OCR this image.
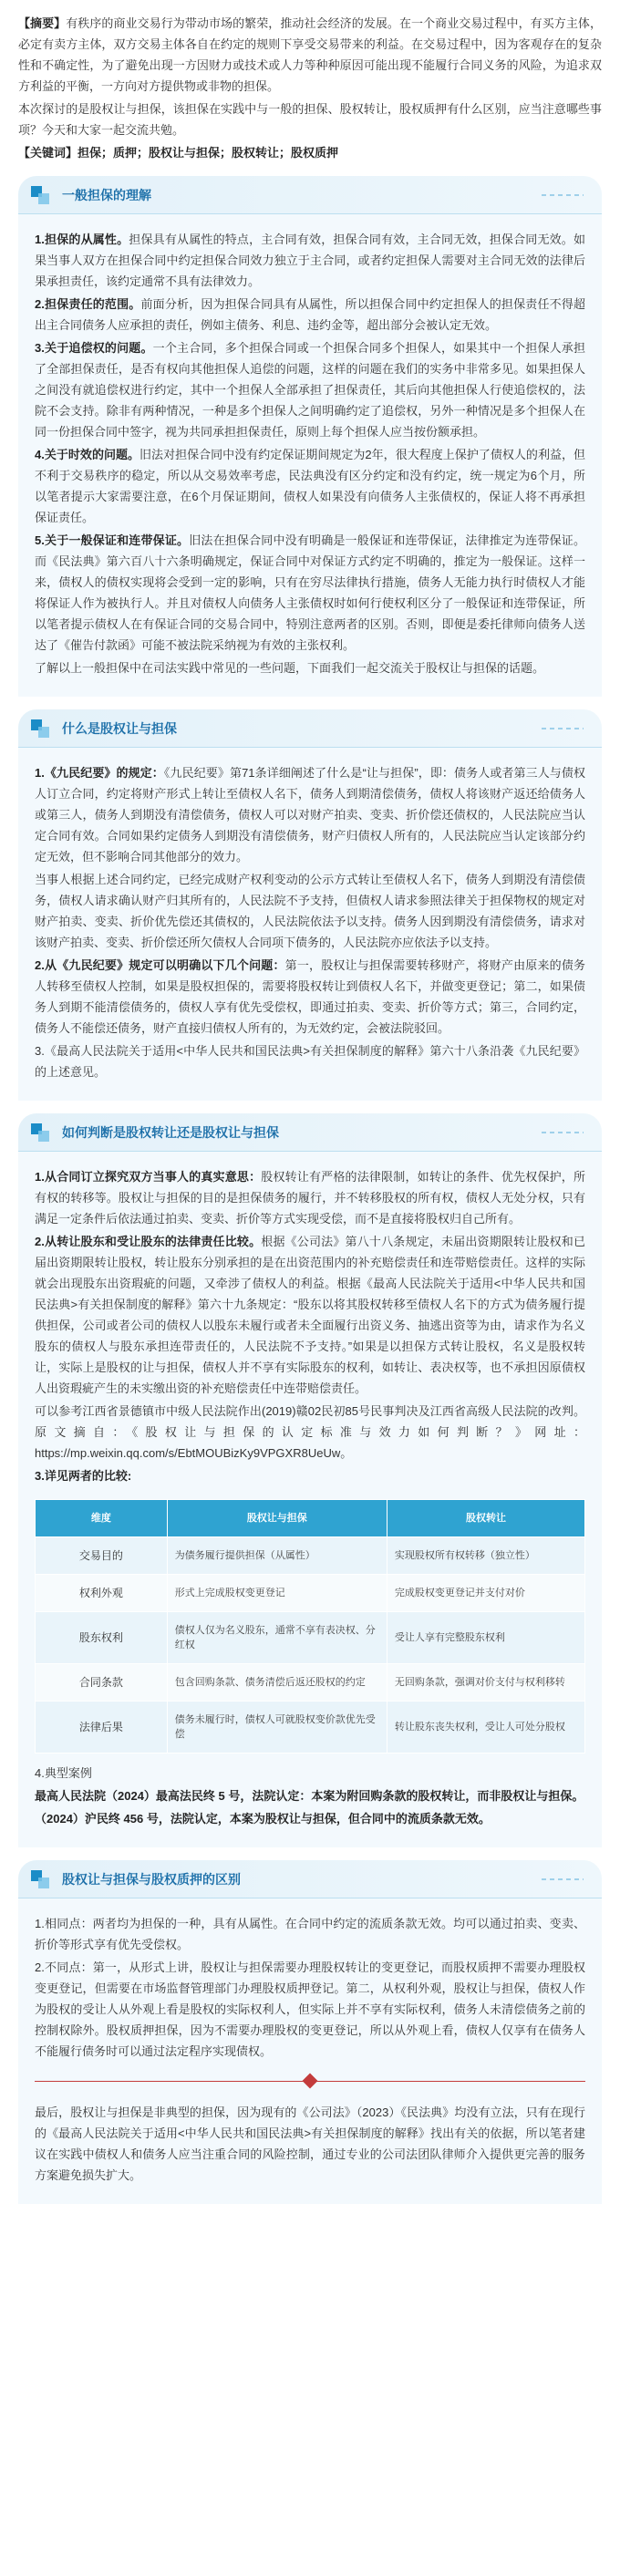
【摘要】有秩序的商业交易行为带动市场的繁荣，推动社会经济的发展。在一个商业交易过程中，有买方主体，必定有卖方主体，双方交易主体各自在约定的规则下享受交易带来的利益。在交易过程中，因为客观存在的复杂性和不确定性，为了避免出现一方因财力或技术或人力等种种原因可能出现不能履行合同义务的风险，为追求双方利益的平衡，一方向对方提供物或非物的担保。

本次探讨的是股权让与担保，该担保在实践中与一般的担保、股权转让，股权质押有什么区别，应当注意哪些事项？今天和大家一起交流共勉。

【关键词】担保；质押；股权让与担保；股权转让；股权质押

一般担保的理解

1.担保的从属性。担保具有从属性的特点，主合同有效，担保合同有效，主合同无效，担保合同无效。如果当事人双方在担保合同中约定担保合同效力独立于主合同，或者约定担保人需要对主合同无效的法律后果承担责任，该约定通常不具有法律效力。

2.担保责任的范围。前面分析，因为担保合同具有从属性，所以担保合同中约定担保人的担保责任不得超出主合同债务人应承担的责任，例如主债务、利息、违约金等，超出部分会被认定无效。

3.关于追偿权的问题。一个主合同，多个担保合同或一个担保合同多个担保人，如果其中一个担保人承担了全部担保责任，是否有权向其他担保人追偿的问题，这样的问题在我们的实务中非常多见。如果担保人之间没有就追偿权进行约定，其中一个担保人全部承担了担保责任，其后向其他担保人行使追偿权的，法院不会支持。除非有两种情况，一种是多个担保人之间明确约定了追偿权，另外一种情况是多个担保人在同一份担保合同中签字，视为共同承担担保责任，原则上每个担保人应当按份额承担。

4.关于时效的问题。旧法对担保合同中没有约定保证期间规定为2年，很大程度上保护了债权人的利益，但不利于交易秩序的稳定，所以从交易效率考虑，民法典没有区分约定和没有约定，统一规定为6个月，所以笔者提示大家需要注意，在6个月保证期间，债权人如果没有向债务人主张债权的，保证人将不再承担保证责任。

5.关于一般保证和连带保证。旧法在担保合同中没有明确是一般保证和连带保证，法律推定为连带保证。而《民法典》第六百八十六条明确规定，保证合同中对保证方式约定不明确的，推定为一般保证。这样一来，债权人的债权实现将会受到一定的影响，只有在穷尽法律执行措施，债务人无能力执行时债权人才能将保证人作为被执行人。并且对债权人向债务人主张债权时如何行使权利区分了一般保证和连带保证，所以笔者提示债权人在有保证合同的交易合同中，特别注意两者的区别。否则，即便是委托律师向债务人送达了《催告付款函》可能不被法院采纳视为有效的主张权利。

了解以上一般担保中在司法实践中常见的一些问题，下面我们一起交流关于股权让与担保的话题。

什么是股权让与担保

1.《九民纪要》的规定：《九民纪要》第71条详细阐述了什么是“让与担保”，即：债务人或者第三人与债权人订立合同，约定将财产形式上转让至债权人名下，债务人到期清偿债务，债权人将该财产返还给债务人或第三人，债务人到期没有清偿债务，债权人可以对财产拍卖、变卖、折价偿还债权的，人民法院应当认定合同有效。合同如果约定债务人到期没有清偿债务，财产归债权人所有的，人民法院应当认定该部分约定无效，但不影响合同其他部分的效力。

当事人根据上述合同约定，已经完成财产权利变动的公示方式转让至债权人名下，债务人到期没有清偿债务，债权人请求确认财产归其所有的，人民法院不予支持，但债权人请求参照法律关于担保物权的规定对财产拍卖、变卖、折价优先偿还其债权的，人民法院依法予以支持。债务人因到期没有清偿债务，请求对该财产拍卖、变卖、折价偿还所欠债权人合同项下债务的，人民法院亦应依法予以支持。

2.从《九民纪要》规定可以明确以下几个问题：第一，股权让与担保需要转移财产，将财产由原来的债务人转移至债权人控制，如果是股权担保的，需要将股权转让到债权人名下，并做变更登记；第二，如果债务人到期不能清偿债务的，债权人享有优先受偿权，即通过拍卖、变卖、折价等方式；第三，合同约定，债务人不能偿还债务，财产直接归债权人所有的，为无效约定，会被法院驳回。

3.《最高人民法院关于适用<中华人民共和国民法典>有关担保制度的解释》第六十八条沿袭《九民纪要》的上述意见。

如何判断是股权转让还是股权让与担保

1.从合同订立探究双方当事人的真实意思：股权转让有严格的法律限制，如转让的条件、优先权保护，所有权的转移等。股权让与担保的目的是担保债务的履行，并不转移股权的所有权，债权人无处分权，只有满足一定条件后依法通过拍卖、变卖、折价等方式实现受偿，而不是直接将股权归自己所有。

2.从转让股东和受让股东的法律责任比较。根据《公司法》第八十八条规定，未届出资期限转让股权和已届出资期限转让股权，转让股东分别承担的是在出资范围内的补充赔偿责任和连带赔偿责任。这样的实际就会出现股东出资瑕疵的问题，又牵涉了债权人的利益。根据《最高人民法院关于适用<中华人民共和国民法典>有关担保制度的解释》第六十九条规定：“股东以将其股权转移至债权人名下的方式为债务履行提供担保，公司或者公司的债权人以股东未履行或者未全面履行出资义务、抽逃出资等为由，请求作为名义股东的债权人与股东承担连带责任的，人民法院不予支持。”如果是以担保方式转让股权，名义是股权转让，实际上是股权的让与担保，债权人并不享有实际股东的权利，如转让、表决权等，也不承担因原债权人出资瑕疵产生的未实缴出资的补充赔偿责任中连带赔偿责任。

可以参考江西省景德镇市中级人民法院作出(2019)赣02民初85号民事判决及江西省高级人民法院的改判。原文摘自：《股权让与担保的认定标准与效力如何判断？》网址：https://mp.weixin.qq.com/s/EbtMOUBizKy9VPGXR8UeUw。

3.详见两者的比较:

维度	股权让与担保	股权转让
交易目的	为债务履行提供担保（从属性）	实现股权所有权转移（独立性）
权利外观	形式上完成股权变更登记	完成股权变更登记并支付对价
股东权利	债权人仅为名义股东，通常不享有表决权、分红权	受让人享有完整股东权利
合同条款	包含回购条款、债务清偿后返还股权的约定	无回购条款，强调对价支付与权利移转
法律后果	债务未履行时，债权人可就股权变价款优先受偿	转让股东丧失权利，受让人可处分股权

4.典型案例

最高人民法院（2024）最高法民终 5 号，法院认定：本案为附回购条款的股权转让，而非股权让与担保。

（2024）沪民终 456 号，法院认定，本案为股权让与担保，但合同中的流质条款无效。

股权让与担保与股权质押的区别

1.相同点：两者均为担保的一种，具有从属性。在合同中约定的流质条款无效。均可以通过拍卖、变卖、折价等形式享有优先受偿权。

2.不同点：第一，从形式上讲，股权让与担保需要办理股权转让的变更登记，而股权质押不需要办理股权变更登记，但需要在市场监督管理部门办理股权质押登记。第二，从权利外观，股权让与担保，债权人作为股权的受让人从外观上看是股权的实际权利人，但实际上并不享有实际权利，债务人未清偿债务之前的控制权除外。股权质押担保，因为不需要办理股权的变更登记，所以从外观上看，债权人仅享有在债务人不能履行债务时可以通过法定程序实现债权。

最后，股权让与担保是非典型的担保，因为现有的《公司法》（2023）《民法典》均没有立法，只有在现行的《最高人民法院关于适用<中华人民共和国民法典>有关担保制度的解释》找出有关的依据，所以笔者建议在实践中债权人和债务人应当注重合同的风险控制，通过专业的公司法团队律师介入提供更完善的服务方案避免损失扩大。
